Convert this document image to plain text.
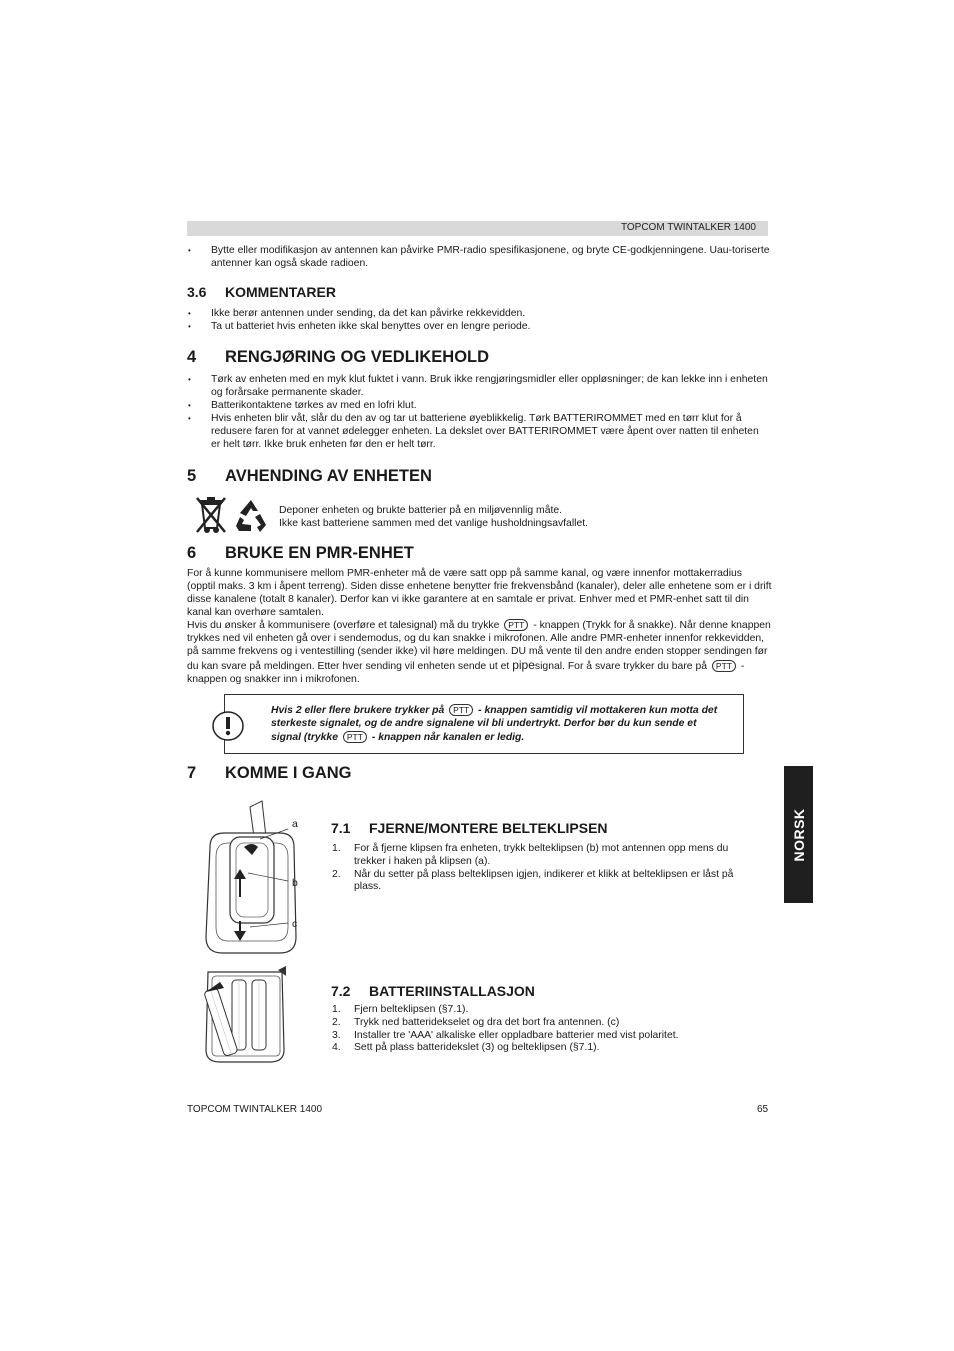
TOPCOM TWINTALKER 1400
• Bytte eller modifikasjon av antennen kan påvirke PMR-radio spesifikasjonene, og bryte CE-godkjenningene. Uau-toriserte antenner kan også skade radioen.
3.6 KOMMENTARER
• Ikke berør antennen under sending, da det kan påvirke rekkevidden.
• Ta ut batteriet hvis enheten ikke skal benyttes over en lengre periode.
4 RENGJØRING OG VEDLIKEHOLD
• Tørk av enheten med en myk klut fuktet i vann. Bruk ikke rengjøringsmidler eller oppløsninger; de kan lekke inn i enheten og forårsake permanente skader.
• Batterikontaktene tørkes av med en lofri klut.
• Hvis enheten blir våt, slår du den av og tar ut batteriene øyeblikkelig. Tørk BATTERIROMMET med en tørr klut for å redusere faren for at vannet ødelegger enheten. La dekslet over BATTERIROMMET være åpent over natten til enheten er helt tørr. Ikke bruk enheten før den er helt tørr.
5 AVHENDING AV ENHETEN
Deponer enheten og brukte batterier på en miljøvennlig måte.
Ikke kast batteriene sammen med det vanlige husholdningsavfallet.
6 BRUKE EN PMR-ENHET
For å kunne kommunisere mellom PMR-enheter må de være satt opp på samme kanal, og være innenfor mottakerradius (opptil maks. 3 km i åpent terreng). Siden disse enhetene benytter frie frekvensbånd (kanaler), deler alle enhetene som er i drift disse kanalene (totalt 8 kanaler). Derfor kan vi ikke garantere at en samtale er privat. Enhver med et PMR-enhet satt til din kanal kan overhøre samtalen.
Hvis du ønsker å kommunisere (overføre et talesignal) må du trykke PTT - knappen (Trykk for å snakke). Når denne knappen trykkes ned vil enheten gå over i sendemodus, og du kan snakke i mikrofonen. Alle andre PMR-enheter innenfor rekkevidden, på samme frekvens og i ventestilling (sender ikke) vil høre meldingen. DU må vente til den andre enden stopper sendingen før du kan svare på meldingen. Etter hver sending vil enheten sende ut et pipesignal. For å svare trykker du bare på PTT - knappen og snakker inn i mikrofonen.
Hvis 2 eller flere brukere trykker på PTT - knappen samtidig vil mottakeren kun motta det sterkeste signalet, og de andre signalene vil bli undertrykt. Derfor bør du kun sende et signal (trykke PTT - knappen når kanalen er ledig.
7 KOMME I GANG
a
b
c
7.1 FJERNE/MONTERE BELTEKLIPSEN
1. For å fjerne klipsen fra enheten, trykk belteklipsen (b) mot antennen opp mens du trekker i haken på klipsen (a).
2. Når du setter på plass belteklipsen igjen, indikerer et klikk at belteklipsen er låst på plass.
7.2 BATTERIINSTALLASJON
1. Fjern belteklipsen (§7.1).
2. Trykk ned batteridekselet og dra det bort fra antennen. (c)
3. Installer tre 'AAA' alkaliske eller oppladbare batterier med vist polaritet.
4. Sett på plass batteridekslet (3) og belteklipsen (§7.1).
NORSK
TOPCOM TWINTALKER 1400	65
